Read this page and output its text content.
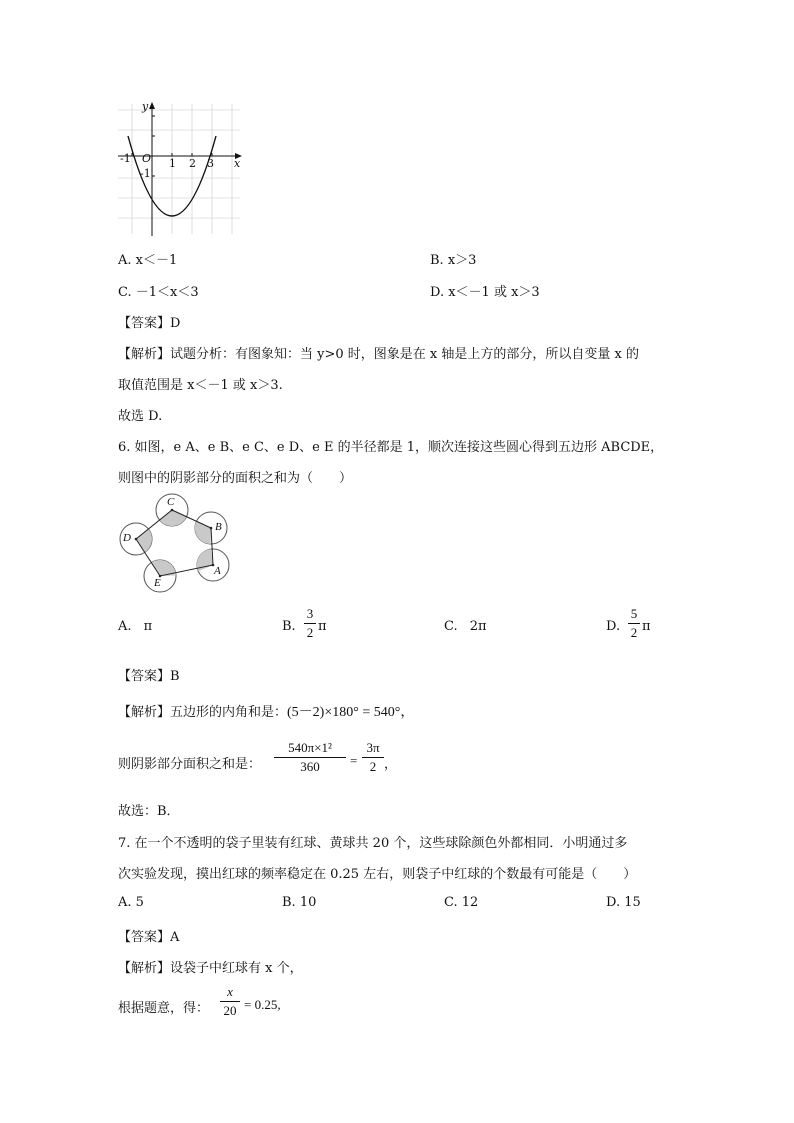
y
x
O
-1	1 2 3
-1
A. x＜－1	B. x＞3
C. －1＜x＜3	D. x＜－1 或 x＞3
【答案】D
【解析】试题分析：有图象知：当 y>0 时，图象是在 x 轴是上方的部分，所以自变量 x 的
取值范围是 x＜－1 或 x＞3.
故选 D.
6. 如图，e A、e B、e C、e D、e E 的半径都是 1，顺次连接这些圆心得到五边形 ABCDE，
则图中的阴影部分的面积之和为（　　）
A
B
C
D
E
A. π	B.
3
2 π	C. 2π	D.
5
2 π
【答案】B
【解析】五边形的内角和是：(5－2)×180° = 540°，
则阴影部分面积之和是：
540π×1²
360	=
3π
2 ，
故选：B．
7. 在一个不透明的袋子里装有红球、黄球共 20 个，这些球除颜色外都相同．小明通过多
次实验发现，摸出红球的频率稳定在 0.25 左右，则袋子中红球的个数最有可能是（　　）
A. 5	B. 10	C. 12	D. 15
【答案】A
【解析】设袋子中红球有 x 个，
根据题意，得：
x
20 = 0.25,
